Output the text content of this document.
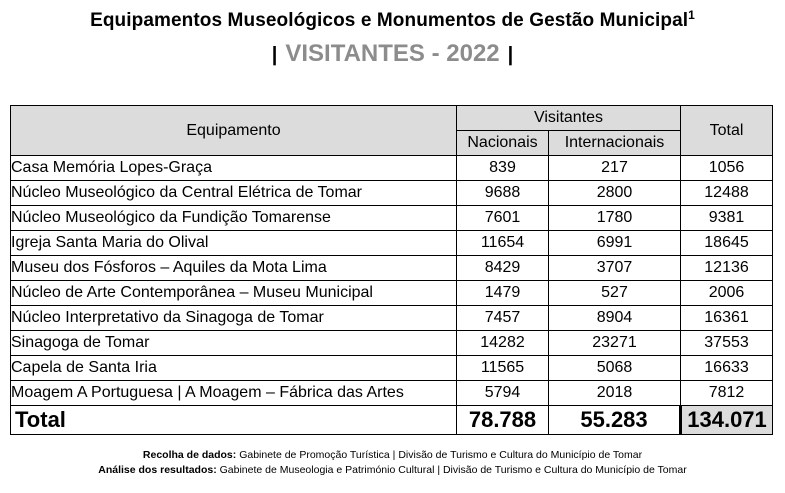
Equipamentos Museológicos e Monumentos de Gestão Municipal$^1$
| VISITANTES - 2022 |
Equipamento	Visitantes		Total
	Nacionais	Internacionais	
Casa Memória Lopes-Graça	839	217	1056
Núcleo Museológico da Central Elétrica de Tomar	9688	2800	12488
Núcleo Museológico da Fundição Tomarense	7601	1780	9381
Igreja Santa Maria do Olival	11654	6991	18645
Museu dos Fósforos – Aquiles da Mota Lima	8429	3707	12136
Núcleo de Arte Contemporânea – Museu Municipal	1479	527	2006
Núcleo Interpretativo da Sinagoga de Tomar	7457	8904	16361
Sinagoga de Tomar	14282	23271	37553
Capela de Santa Iria	11565	5068	16633
Moagem A Portuguesa | A Moagem – Fábrica das Artes	5794	2018	7812
Total	78.788	55.283	134.071
Recolha de dados: Gabinete de Promoção Turística | Divisão de Turismo e Cultura do Município de Tomar
Análise dos resultados: Gabinete de Museologia e Património Cultural | Divisão de Turismo e Cultura do Município de Tomar
